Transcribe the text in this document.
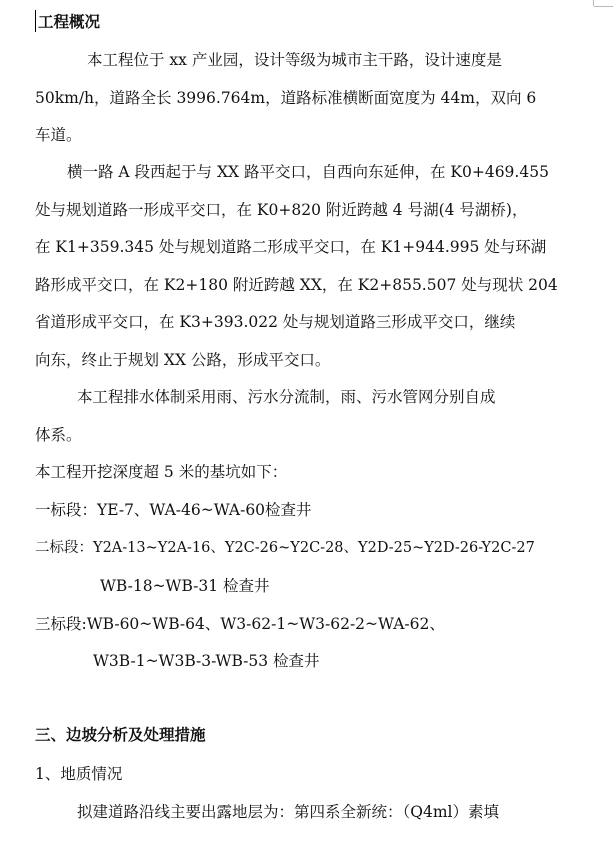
工程概况
本工程位于 xx 产业园，设计等级为城市主干路，设计速度是
50km/h，道路全长 3996.764m，道路标准横断面宽度为 44m，双向 6
车道。
横一路 A 段西起于与 XX 路平交口，自西向东延伸，在 K0+469.455
处与规划道路一形成平交口，在 K0+820 附近跨越 4 号湖(4 号湖桥)，
在 K1+359.345 处与规划道路二形成平交口，在 K1+944.995 处与环湖
路形成平交口，在 K2+180 附近跨越 XX，在 K2+855.507 处与现状 204
省道形成平交口，在 K3+393.022 处与规划道路三形成平交口，继续
向东，终止于规划 XX 公路，形成平交口。
本工程排水体制采用雨、污水分流制，雨、污水管网分别自成
体系。
本工程开挖深度超 5 米的基坑如下：
一标段：YE-7、WA-46~WA-60检查井
二标段：Y2A-13~Y2A-16、Y2C-26~Y2C-28、Y2D-25~Y2D-26-Y2C-27
WB-18~WB-31 检查井
三标段:WB-60~WB-64、W3-62-1~W3-62-2~WA-62、
W3B-1~W3B-3-WB-53 检查井
三、边坡分析及处理措施
1、地质情况
拟建道路沿线主要出露地层为：第四系全新统：（Q4ml）素填
